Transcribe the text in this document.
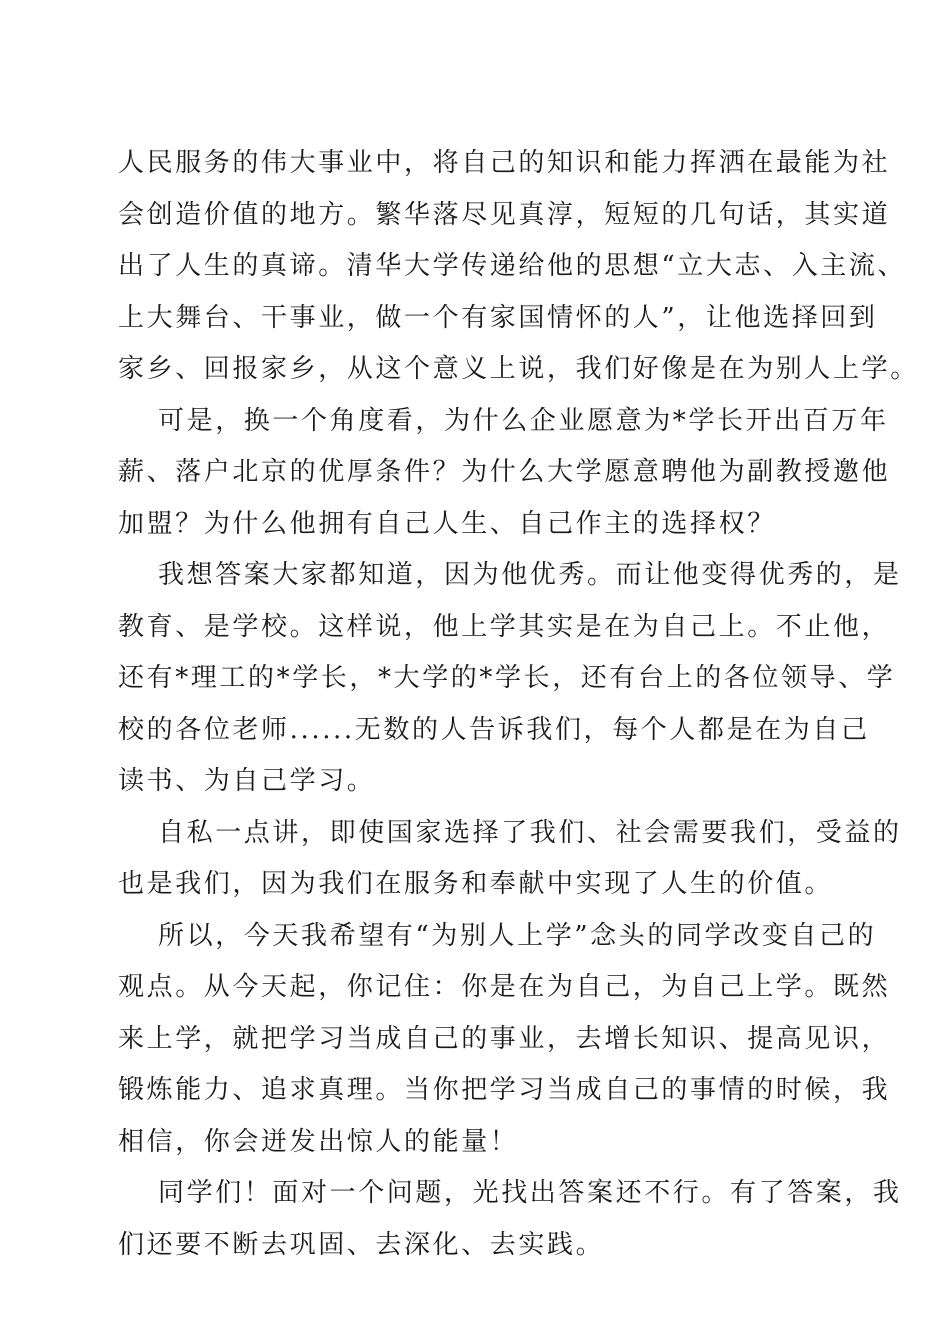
人民服务的伟大事业中，将自己的知识和能力挥洒在最能为社
会创造价值的地方。繁华落尽见真淳，短短的几句话，其实道
出了人生的真谛。清华大学传递给他的思想“立大志、入主流、
上大舞台、干事业，做一个有家国情怀的人”，让他选择回到
家乡、回报家乡，从这个意义上说，我们好像是在为别人上学。
可是，换一个角度看，为什么企业愿意为*学长开出百万年
薪、落户北京的优厚条件？为什么大学愿意聘他为副教授邀他
加盟？为什么他拥有自己人生、自己作主的选择权？
我想答案大家都知道，因为他优秀。而让他变得优秀的，是
教育、是学校。这样说，他上学其实是在为自己上。不止他，
还有*理工的*学长，*大学的*学长，还有台上的各位领导、学
校的各位老师......无数的人告诉我们，每个人都是在为自己
读书、为自己学习。
自私一点讲，即使国家选择了我们、社会需要我们，受益的
也是我们，因为我们在服务和奉献中实现了人生的价值。
所以，今天我希望有“为别人上学”念头的同学改变自己的
观点。从今天起，你记住：你是在为自己，为自己上学。既然
来上学，就把学习当成自己的事业，去增长知识、提高见识，
锻炼能力、追求真理。当你把学习当成自己的事情的时候，我
相信，你会迸发出惊人的能量！
同学们！面对一个问题，光找出答案还不行。有了答案，我
们还要不断去巩固、去深化、去实践。
